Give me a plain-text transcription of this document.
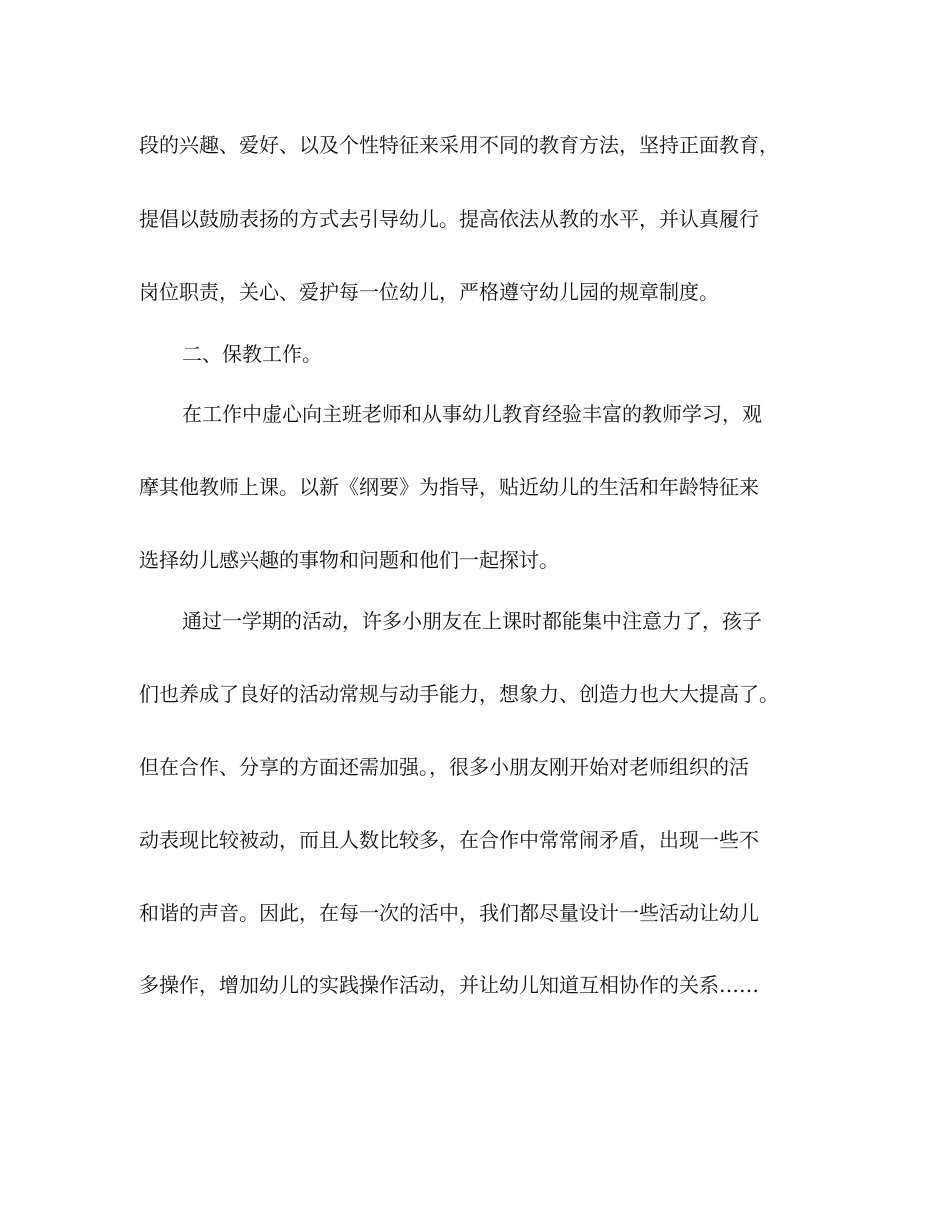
段的兴趣、爱好、以及个性特征来采用不同的教育方法，坚持正面教育，

提倡以鼓励表扬的方式去引导幼儿。提高依法从教的水平，并认真履行

岗位职责，关心、爱护每一位幼儿，严格遵守幼儿园的规章制度。

二、保教工作。

在工作中虚心向主班老师和从事幼儿教育经验丰富的教师学习，观

摩其他教师上课。以新《纲要》为指导，贴近幼儿的生活和年龄特征来

选择幼儿感兴趣的事物和问题和他们一起探讨。

通过一学期的活动，许多小朋友在上课时都能集中注意力了，孩子

们也养成了良好的活动常规与动手能力，想象力、创造力也大大提高了。

但在合作、分享的方面还需加强。，很多小朋友刚开始对老师组织的活

动表现比较被动，而且人数比较多，在合作中常常闹矛盾，出现一些不

和谐的声音。因此，在每一次的活中，我们都尽量设计一些活动让幼儿

多操作，增加幼儿的实践操作活动，并让幼儿知道互相协作的关系……
